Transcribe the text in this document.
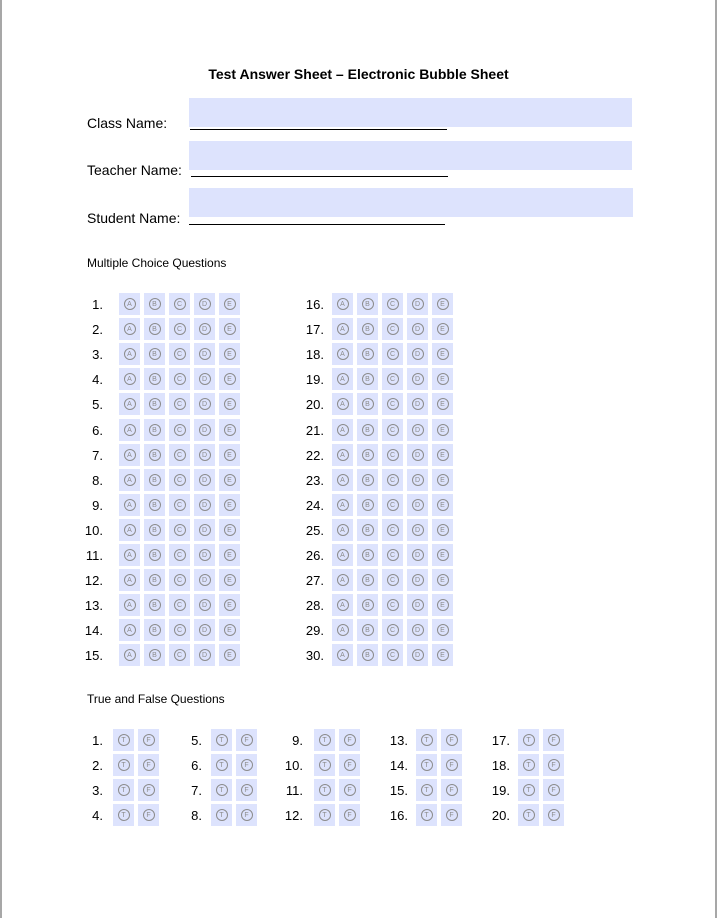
Test Answer Sheet – Electronic Bubble Sheet
Class Name:
Teacher Name:
Student Name:
Multiple Choice Questions
True and False Questions
1.	A	B	C	D	E
2.	A	B	C	D	E
3.	A	B	C	D	E
4.	A	B	C	D	E
5.	A	B	C	D	E
6.	A	B	C	D	E
7.	A	B	C	D	E
8.	A	B	C	D	E
9.	A	B	C	D	E
10.	A	B	C	D	E
11.	A	B	C	D	E
12.	A	B	C	D	E
13.	A	B	C	D	E
14.	A	B	C	D	E
15.	A	B	C	D	E
16.	A	B	C	D	E
17.	A	B	C	D	E
18.	A	B	C	D	E
19.	A	B	C	D	E
20.	A	B	C	D	E
21.	A	B	C	D	E
22.	A	B	C	D	E
23.	A	B	C	D	E
24.	A	B	C	D	E
25.	A	B	C	D	E
26.	A	B	C	D	E
27.	A	B	C	D	E
28.	A	B	C	D	E
29.	A	B	C	D	E
30.	A	B	C	D	E
1.	T	F
2.	T	F
3.	T	F
4.	T	F
5.	T	F
6.	T	F
7.	T	F
8.	T	F
9.	T	F
10.	T	F
11.	T	F
12.	T	F
13.	T	F
14.	T	F
15.	T	F
16.	T	F
17.	T	F
18.	T	F
19.	T	F
20.	T	F
